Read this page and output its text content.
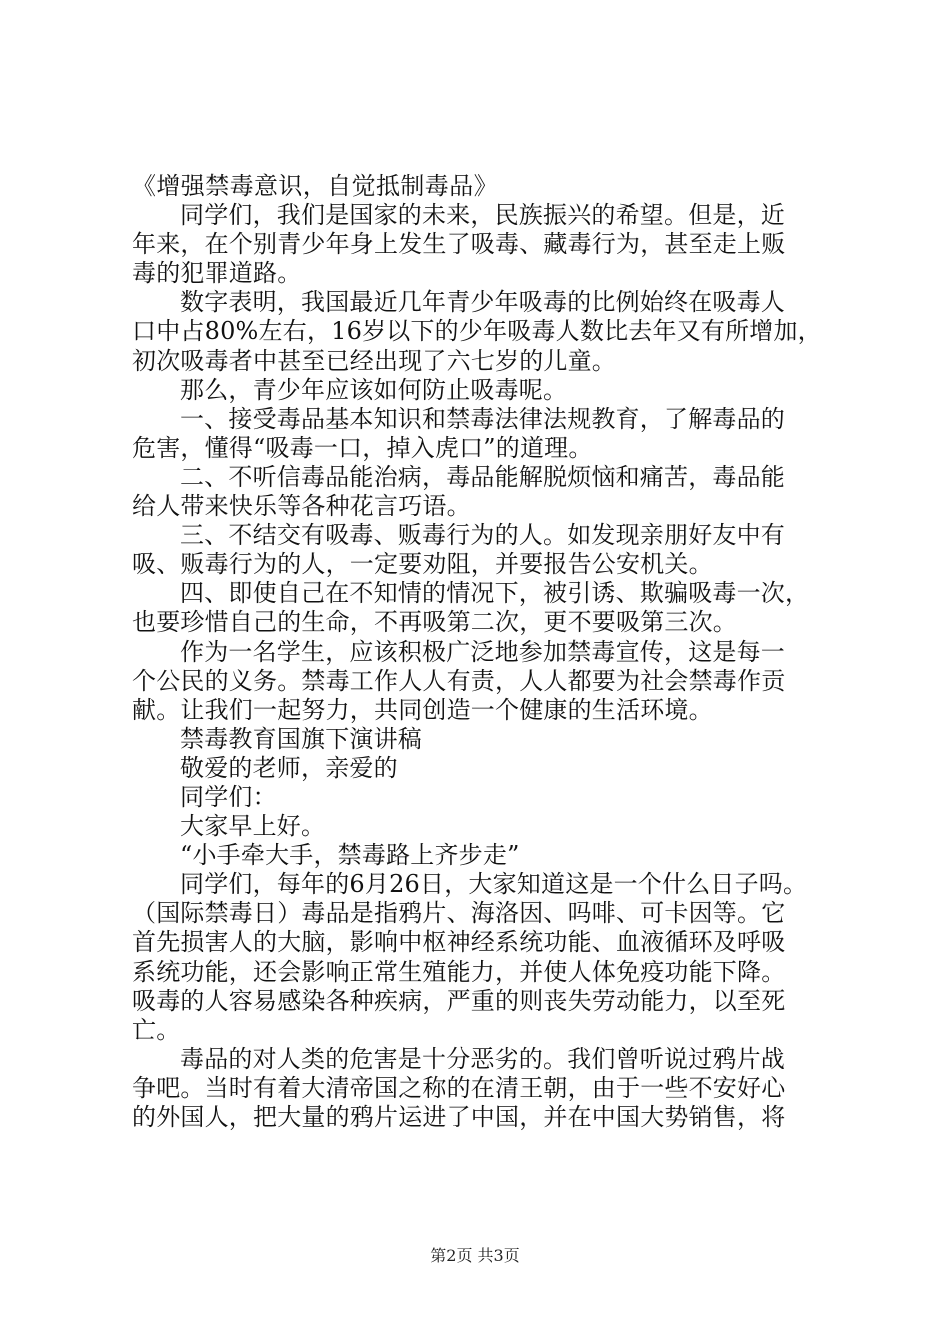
《增强禁毒意识，自觉抵制毒品》
同学们，我们是国家的未来，民族振兴的希望。但是，近
年来，在个别青少年身上发生了吸毒、藏毒行为，甚至走上贩
毒的犯罪道路。
数字表明，我国最近几年青少年吸毒的比例始终在吸毒人
口中占80%左右，16岁以下的少年吸毒人数比去年又有所增加，
初次吸毒者中甚至已经出现了六七岁的儿童。
那么，青少年应该如何防止吸毒呢。
一、接受毒品基本知识和禁毒法律法规教育，了解毒品的
危害，懂得“吸毒一口，掉入虎口”的道理。
二、不听信毒品能治病，毒品能解脱烦恼和痛苦，毒品能
给人带来快乐等各种花言巧语。
三、不结交有吸毒、贩毒行为的人。如发现亲朋好友中有
吸、贩毒行为的人，一定要劝阻，并要报告公安机关。
四、即使自己在不知情的情况下，被引诱、欺骗吸毒一次，
也要珍惜自己的生命，不再吸第二次，更不要吸第三次。
作为一名学生，应该积极广泛地参加禁毒宣传，这是每一
个公民的义务。禁毒工作人人有责，人人都要为社会禁毒作贡
献。让我们一起努力，共同创造一个健康的生活环境。
禁毒教育国旗下演讲稿
敬爱的老师，亲爱的
同学们：
大家早上好。
“小手牵大手，禁毒路上齐步走”
同学们，每年的6月26日，大家知道这是一个什么日子吗。
（国际禁毒日）毒品是指鸦片、海洛因、吗啡、可卡因等。它
首先损害人的大脑，影响中枢神经系统功能、血液循环及呼吸
系统功能，还会影响正常生殖能力，并使人体免疫功能下降。
吸毒的人容易感染各种疾病，严重的则丧失劳动能力，以至死
亡。
毒品的对人类的危害是十分恶劣的。我们曾听说过鸦片战
争吧。当时有着大清帝国之称的在清王朝，由于一些不安好心
的外国人，把大量的鸦片运进了中国，并在中国大势销售，将
第2页 共3页
